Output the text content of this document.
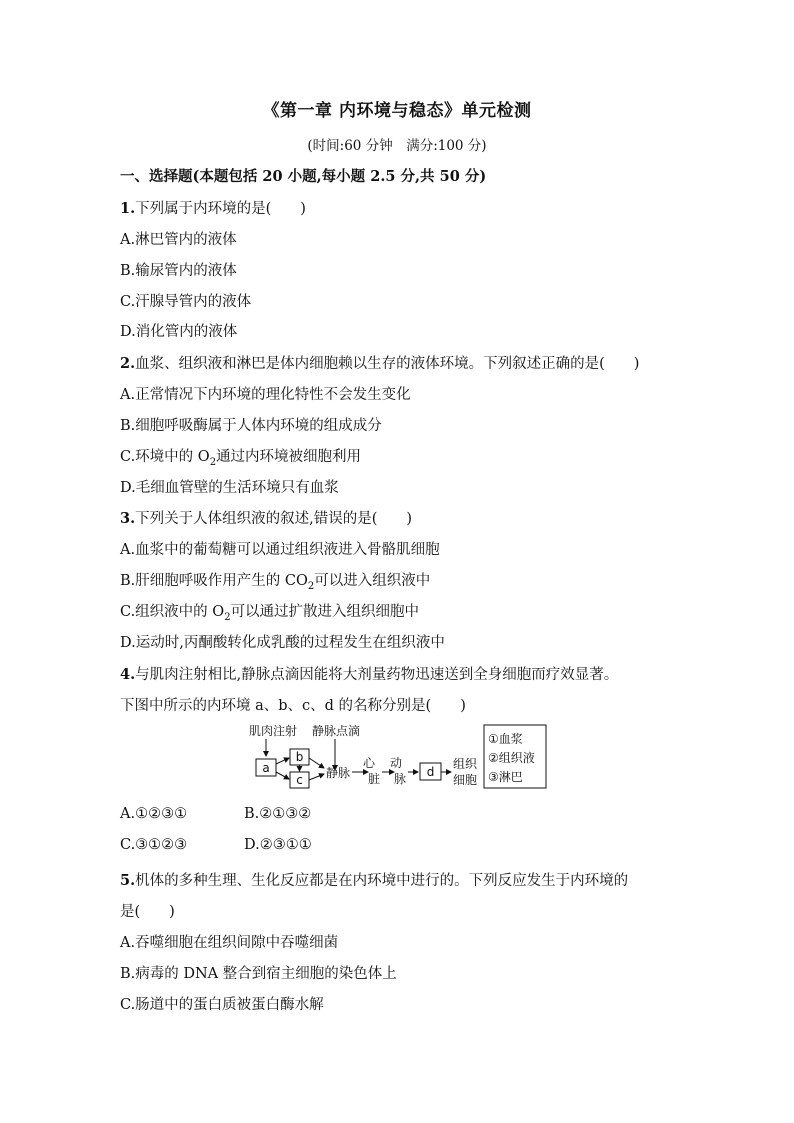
《第一章 内环境与稳态》单元检测
(时间:60 分钟　满分:100 分)
一、选择题(本题包括 20 小题,每小题 2.5 分,共 50 分)
1.下列属于内环境的是(　　)
A.淋巴管内的液体
B.输尿管内的液体
C.汗腺导管内的液体
D.消化管内的液体
2.血浆、组织液和淋巴是体内细胞赖以生存的液体环境。下列叙述正确的是(　　)
A.正常情况下内环境的理化特性不会发生变化
B.细胞呼吸酶属于人体内环境的组成成分
C.环境中的 $O_2$通过内环境被细胞利用
D.毛细血管壁的生活环境只有血浆
3.下列关于人体组织液的叙述,错误的是(　　)
A.血浆中的葡萄糖可以通过组织液进入骨骼肌细胞
B.肝细胞呼吸作用产生的 $CO_2$可以进入组织液中
C.组织液中的 $O_2$可以通过扩散进入组织细胞中
D.运动时,丙酮酸转化成乳酸的过程发生在组织液中
4.与肌肉注射相比,静脉点滴因能将大剂量药物迅速送到全身细胞而疗效显著。
下图中所示的内环境 a、b、c、d 的名称分别是(　　)
肌肉注射 静脉点滴
a
b
c 静脉
心
脏
动
脉 d
组织
细胞
①血浆
②组织液
③淋巴
A.①②③①	B.②①③②
C.③①②③	D.②③①①
5.机体的多种生理、生化反应都是在内环境中进行的。下列反应发生于内环境的
是(　　)
A.吞噬细胞在组织间隙中吞噬细菌
B.病毒的 DNA 整合到宿主细胞的染色体上
C.肠道中的蛋白质被蛋白酶水解
